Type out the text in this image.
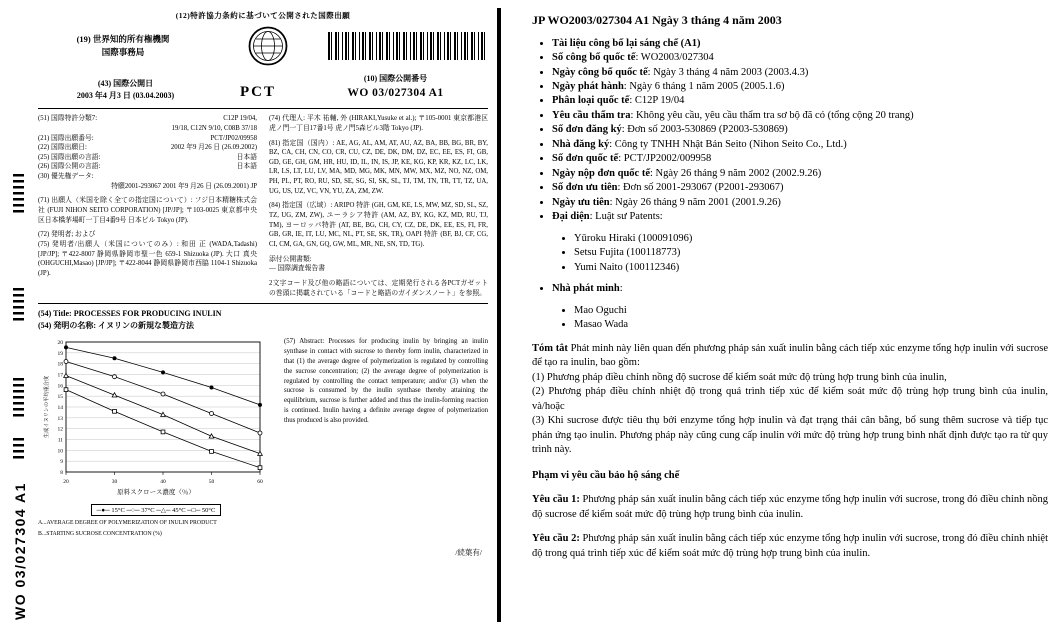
WO 03/027304 A1
(12)特許協力条約に基づいて公開された国際出願
(19) 世界知的所有権機関
国際事務局
(43) 国際公開日
2003 年4 月3 日 (03.04.2003)	PCT
(10) 国際公開番号
WO 03/027304 A1
(51) 国際特許分類7:	C12P 19/04,
19/18, C12N 9/10, C08B 37/18
(21) 国際出願番号:	PCT/JP02/09958
(22) 国際出願日:	2002 年9 月26 日 (26.09.2002)
(25) 国際出願の言語:	日本語
(26) 国際公開の言語:	日本語
(30) 優先権データ:
特願2001-293067 2001 年9 月26 日 (26.09.2001) JP
(71) 出願人（米国を除く全ての指定国について）: フジ日本精糖株式会社 (FUJI NIHON SEITO CORPORATION) [JP/JP]; 〒103-0025 東京都中央区日本橋茅場町一丁目4番9号 日本ビル Tokyo (JP).
(72) 発明者; および
(75) 発明者/出願人（米国についてのみ）: 和田 正 (WADA,Tadashi) [JP/JP]; 〒422-8007 静岡県静岡市聖一色 659-1 Shizuoka (JP). 大口 真央 (OHGUCHI,Masao) [JP/JP]; 〒422-8044 静岡県静岡市西脇 1104-1 Shizuoka (JP).
(74) 代理人: 平木 祐輔, 外 (HIRAKI,Yusuke et al.); 〒105-0001 東京都港区虎ノ門一丁目17番1号 虎ノ門5森ビル3階 Tokyo (JP).
(81) 指定国（国内）: AE, AG, AL, AM, AT, AU, AZ, BA, BB, BG, BR, BY, BZ, CA, CH, CN, CO, CR, CU, CZ, DE, DK, DM, DZ, EC, EE, ES, FI, GB, GD, GE, GH, GM, HR, HU, ID, IL, IN, IS, JP, KE, KG, KP, KR, KZ, LC, LK, LR, LS, LT, LU, LV, MA, MD, MG, MK, MN, MW, MX, MZ, NO, NZ, OM, PH, PL, PT, RO, RU, SD, SE, SG, SI, SK, SL, TJ, TM, TN, TR, TT, TZ, UA, UG, US, UZ, VC, VN, YU, ZA, ZM, ZW.
(84) 指定国（広域）: ARIPO 特許 (GH, GM, KE, LS, MW, MZ, SD, SL, SZ, TZ, UG, ZM, ZW), ユーラシア特許 (AM, AZ, BY, KG, KZ, MD, RU, TJ, TM), ヨーロッパ特許 (AT, BE, BG, CH, CY, CZ, DE, DK, EE, ES, FI, FR, GB, GR, IE, IT, LU, MC, NL, PT, SE, SK, TR), OAPI 特許 (BF, BJ, CF, CG, CI, CM, GA, GN, GQ, GW, ML, MR, NE, SN, TD, TG).
添付公開書類:
— 国際調査報告書
2文字コード及び他の略語については、定期発行される各PCTガゼットの巻頭に掲載されている「コードと略語のガイダンスノート」を参照。
(54) Title: PROCESSES FOR PRODUCING INULIN
(54) 発明の名称: イヌリンの新規な製造方法
8
9
10
11
12
13
14
15
16
17
18
19
20
20	30	40	50	60
生成イヌリンの平均重合度
原料スクロース濃度（％）
─●─ 15°C ─○─ 37°C ─△─ 45°C ─□─ 50°C
A...AVERAGE DEGREE OF POLYMERIZATION OF INULIN PRODUCT
B...STARTING SUCROSE CONCENTRATION (%)
(57) Abstract: Processes for producing inulin by bringing an inulin synthase in contact with sucrose to thereby form inulin, characterized in that (1) the average degree of polymerization is regulated by controlling the sucrose concentration; (2) the average degree of polymerization is regulated by controlling the contact temperature; and/or (3) when the sucrose is consumed by the inulin synthase thereby attaining the equilibrium, sucrose is further added and thus the inulin-forming reaction is continued. Inulin having a definite average degree of polymerization thus produced is also provided.
/続葉有/
JP WO2003/027304 A1 Ngày 3 tháng 4 năm 2003
• Tài liệu công bố lại sáng chế (A1)
• Số công bố quốc tế: WO2003/027304
• Ngày công bố quốc tế: Ngày 3 tháng 4 năm 2003 (2003.4.3)
• Ngày phát hành: Ngày 6 tháng 1 năm 2005 (2005.1.6)
• Phân loại quốc tế: C12P 19/04
• Yêu cầu thẩm tra: Không yêu cầu, yêu cầu thẩm tra sơ bộ đã có (tổng cộng 20 trang)
• Số đơn đăng ký: Đơn số 2003-530869 (P2003-530869)
• Nhà đăng ký: Công ty TNHH Nhật Bản Seito (Nihon Seito Co., Ltd.)
• Số đơn quốc tế: PCT/JP2002/009958
• Ngày nộp đơn quốc tế: Ngày 26 tháng 9 năm 2002 (2002.9.26)
• Số đơn ưu tiên: Đơn số 2001-293067 (P2001-293067)
• Ngày ưu tiên: Ngày 26 tháng 9 năm 2001 (2001.9.26)
• Đại diện: Luật sư Patents:
• Yūroku Hiraki (100091096)
• Setsu Fujita (100118773)
• Yumi Naito (100112346)
• Nhà phát minh:
• Mao Oguchi
• Masao Wada
Tóm tắt Phát minh này liên quan đến phương pháp sản xuất inulin bằng cách tiếp xúc enzyme tổng hợp inulin với sucrose để tạo ra inulin, bao gồm:
(1) Phương pháp điều chỉnh nồng độ sucrose để kiểm soát mức độ trùng hợp trung bình của inulin,
(2) Phương pháp điều chỉnh nhiệt độ trong quá trình tiếp xúc để kiểm soát mức độ trùng hợp trung bình của inulin, và/hoặc
(3) Khi sucrose được tiêu thụ bởi enzyme tổng hợp inulin và đạt trạng thái cân bằng, bổ sung thêm sucrose và tiếp tục phản ứng tạo inulin. Phương pháp này cũng cung cấp inulin với mức độ trùng hợp trung bình nhất định được tạo ra từ quy trình này.
Phạm vi yêu cầu bảo hộ sáng chế
Yêu cầu 1: Phương pháp sản xuất inulin bằng cách tiếp xúc enzyme tổng hợp inulin với sucrose, trong đó điều chỉnh nồng độ sucrose để kiểm soát mức độ trùng hợp trung bình của inulin.
Yêu cầu 2: Phương pháp sản xuất inulin bằng cách tiếp xúc enzyme tổng hợp inulin với sucrose, trong đó điều chỉnh nhiệt độ trong quá trình tiếp xúc để kiểm soát mức độ trùng hợp trung bình của inulin.
